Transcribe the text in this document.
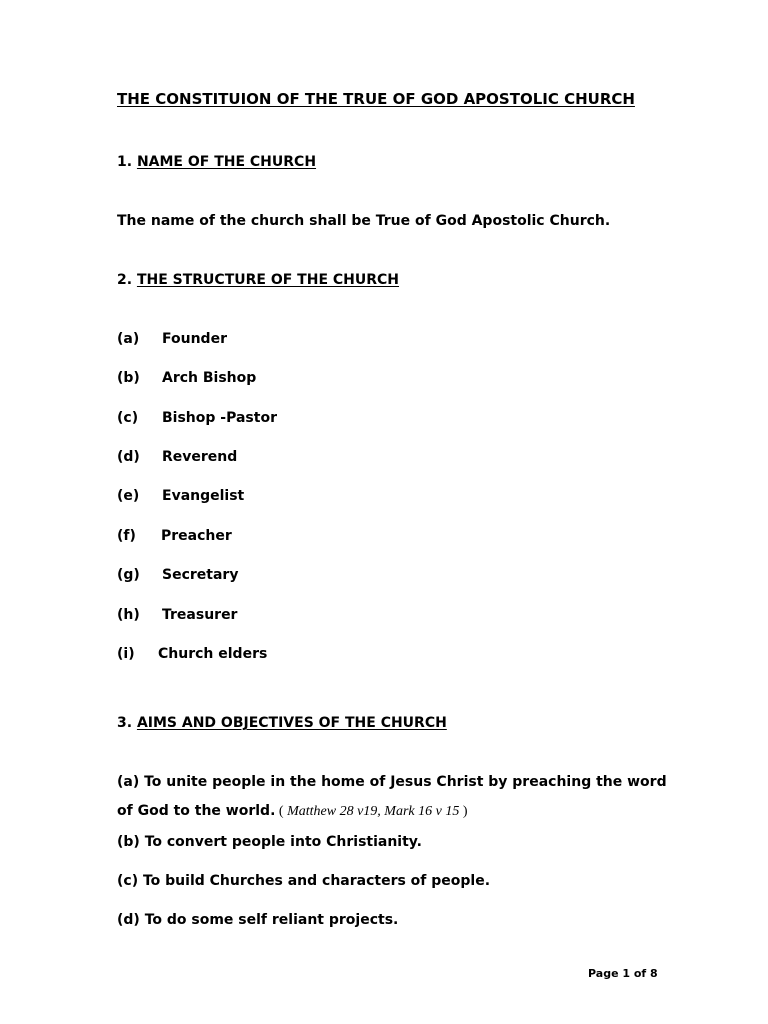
THE CONSTITUION OF THE TRUE OF GOD APOSTOLIC CHURCH
1. NAME OF THE CHURCH
The name of the church shall be True of God Apostolic Church.
2. THE STRUCTURE OF THE CHURCH
(a) Founder
(b) Arch Bishop
(c) Bishop -Pastor
(d) Reverend
(e) Evangelist
(f) Preacher
(g) Secretary
(h) Treasurer
(i) Church elders
3. AIMS AND OBJECTIVES OF THE CHURCH
(a) To unite people in the home of Jesus Christ by preaching the word
of God to the world. ( Matthew 28 v19, Mark 16 v 15 )
(b) To convert people into Christianity.
(c) To build Churches and characters of people.
(d) To do some self reliant projects.
Page 1 of 8
